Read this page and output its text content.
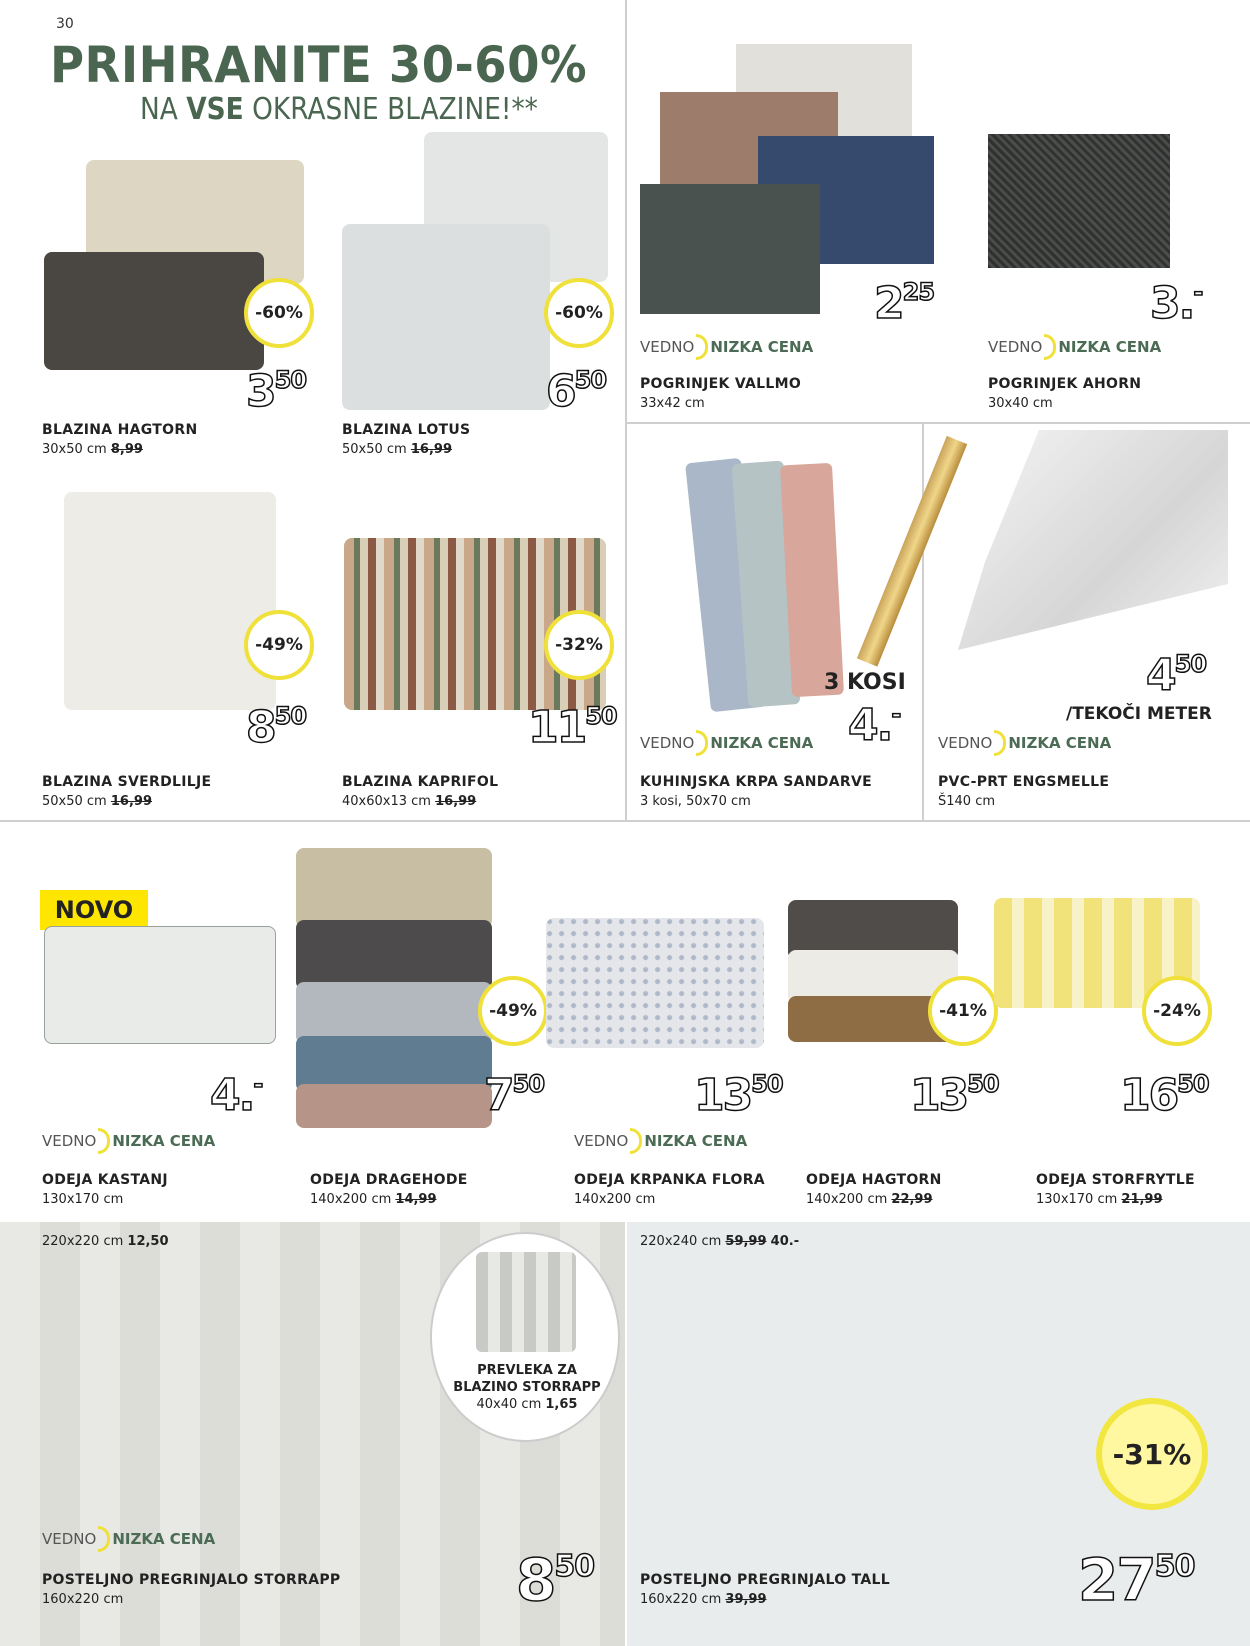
30
PRIHRANITE 30-60%
NA VSE OKRASNE BLAZINE!**
-60%
$3^{50}$
BLAZINA HAGTORN
30x50 cm 8,99
-60%
$6^{50}$
BLAZINA LOTUS
50x50 cm 16,99
-49%
$8^{50}$
BLAZINA SVERDLILJE
50x50 cm 16,99
-32%
$11^{50}$
BLAZINA KAPRIFOL
40x60x13 cm 16,99
$2^{25}$
VEDNO NIZKA CENA
POGRINJEK VALLMO
33x42 cm
3.-
VEDNO NIZKA CENA
POGRINJEK AHORN
30x40 cm
3 KOSI
4.-
VEDNO NIZKA CENA
KUHINJSKA KRPA SANDARVE
3 kosi, 50x70 cm
$4^{50}$
/TEKOČI METER
VEDNO NIZKA CENA
PVC-PRT ENGSMELLE
Š140 cm
NOVO
4.-
VEDNO NIZKA CENA
ODEJA KASTANJ
130x170 cm
-49%
$7^{50}$
ODEJA DRAGEHODE
140x200 cm 14,99
$13^{50}$
VEDNO NIZKA CENA
ODEJA KRPANKA FLORA
140x200 cm
-41%
$13^{50}$
ODEJA HAGTORN
140x200 cm 22,99
-24%
$16^{50}$
ODEJA STORFRYTLE
130x170 cm 21,99
220x220 cm 12,50
PREVLEKA ZA
BLAZINO STORRAPP
40x40 cm 1,65
VEDNO NIZKA CENA
$8^{50}$
POSTELJNO PREGRINJALO STORRAPP
160x220 cm
220x240 cm 59,99 40.-
-31%
$27^{50}$
POSTELJNO PREGRINJALO TALL
160x220 cm 39,99
